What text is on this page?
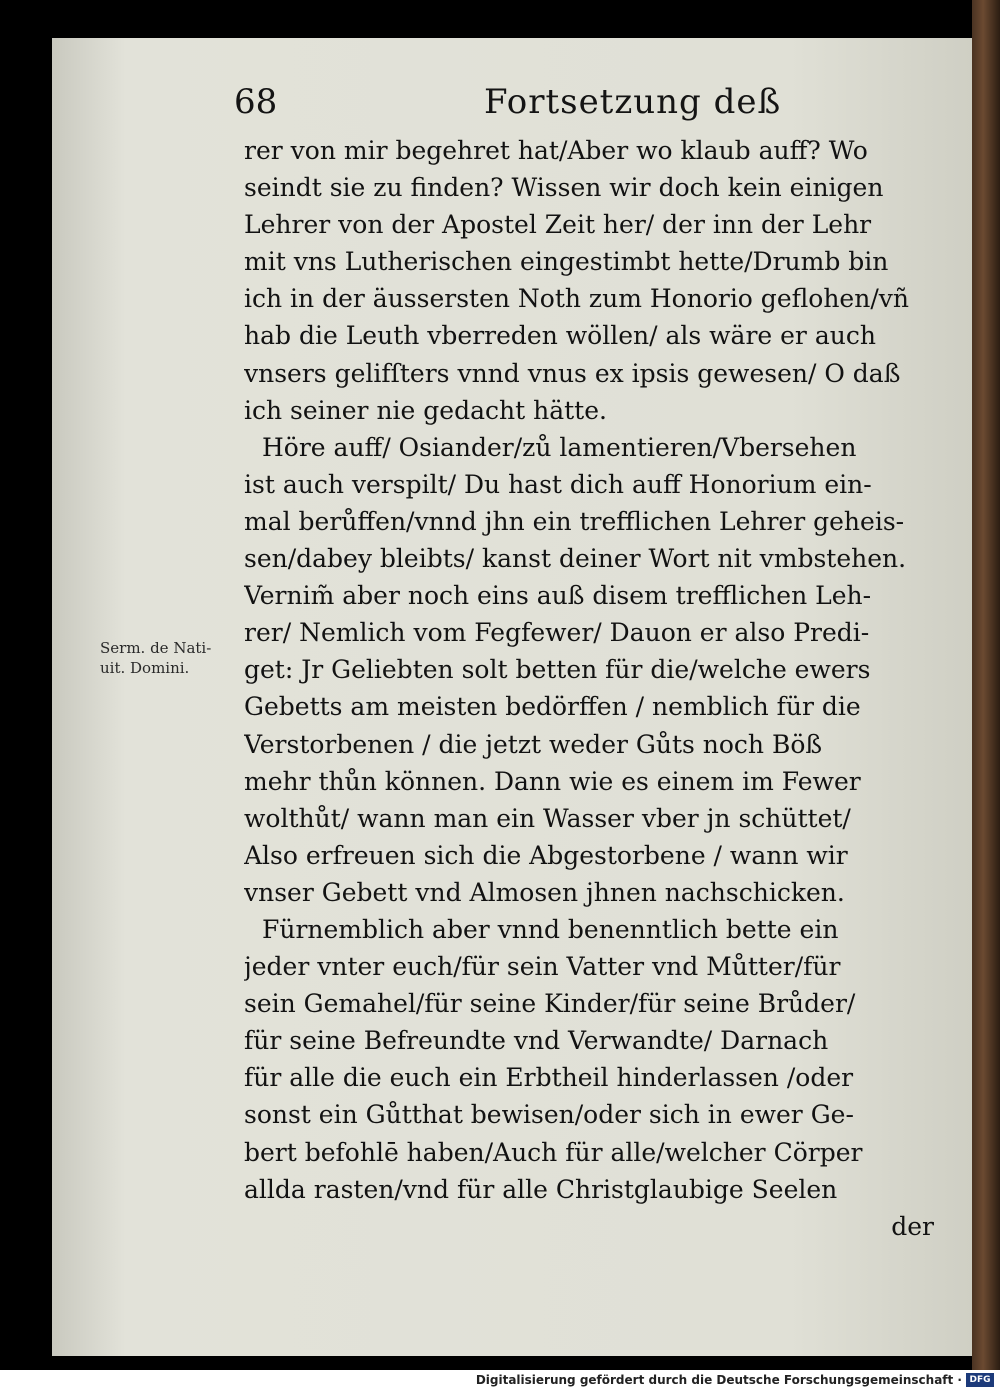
68	Fortsetzung deß
Serm. de Nati-
uit. Domini.
rer von mir begehret hat/Aber wo klaub auff? Wo
seindt sie zu finden? Wissen wir doch kein einigen
Lehrer von der Apostel Zeit her/ der inn der Lehr
mit vns Lutherischen eingestimbt hette/Drumb bin
ich in der äussersten Noth zum Honorio geflohen/vñ
hab die Leuth vberreden wöllen/ als wäre er auch
vnsers gelifſters vnnd vnus ex ipsis gewesen/ O daß
ich seiner nie gedacht hätte.
Höre auff/ Osiander/zů lamentieren/Vbersehen
ist auch verspilt/ Du hast dich auff Honorium ein-
mal berůffen/vnnd jhn ein trefflichen Lehrer geheis-
sen/dabey bleibts/ kanst deiner Wort nit vmbstehen.
Vernim̃ aber noch eins auß disem trefflichen Leh-
rer/ Nemlich vom Fegfewer/ Dauon er also Predi-
get: Jr Geliebten solt betten für die/welche ewers
Gebetts am meisten bedörffen / nemblich für die
Verstorbenen / die jetzt weder Gůts noch Böß
mehr thůn können. Dann wie es einem im Fewer
wolthůt/ wann man ein Wasser vber jn schüttet/
Also erfreuen sich die Abgestorbene / wann wir
vnser Gebett vnd Almosen jhnen nachschicken.
Fürnemblich aber vnnd benenntlich bette ein
jeder vnter euch/für sein Vatter vnd Můtter/für
sein Gemahel/für seine Kinder/für seine Brůder/
für seine Befreundte vnd Verwandte/ Darnach
für alle die euch ein Erbtheil hinderlassen /oder
sonst ein Gůtthat bewisen/oder sich in ewer Ge-
bert befohlē haben/Auch für alle/welcher Cörper
allda rasten/vnd für alle Christglaubige Seelen
der
Digitalisierung gefördert durch die Deutsche Forschungsgemeinschaft · DFG
